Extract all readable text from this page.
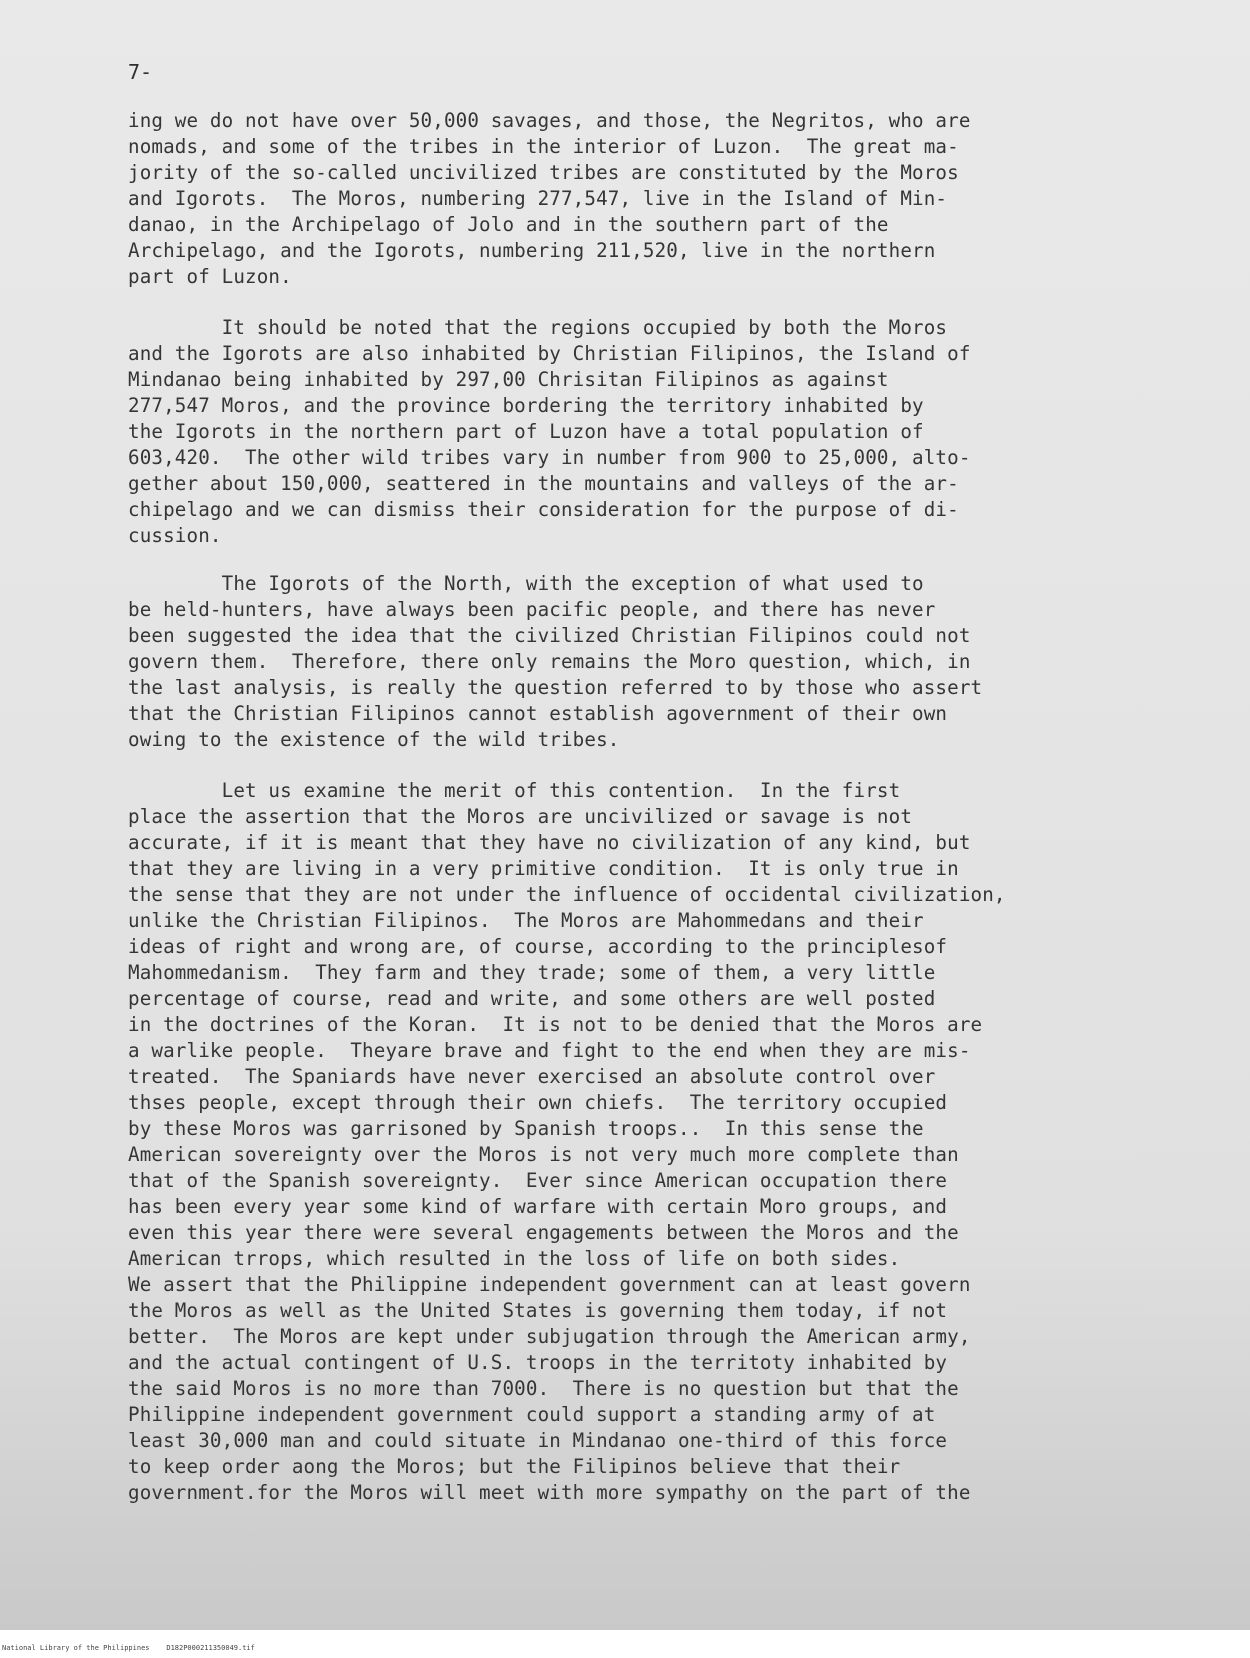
7-
ing we do not have over 50,000 savages, and those, the Negritos, who are
nomads, and some of the tribes in the interior of Luzon.  The great ma-
jority of the so-called uncivilized tribes are constituted by the Moros
and Igorots.  The Moros, numbering 277,547, live in the Island of Min-
danao, in the Archipelago of Jolo and in the southern part of the
Archipelago, and the Igorots, numbering 211,520, live in the northern
part of Luzon.
It should be noted that the regions occupied by both the Moros
and the Igorots are also inhabited by Christian Filipinos, the Island of
Mindanao being inhabited by 297,00 Chrisitan Filipinos as against
277,547 Moros, and the province bordering the territory inhabited by
the Igorots in the northern part of Luzon have a total population of
603,420.  The other wild tribes vary in number from 900 to 25,000, alto-
gether about 150,000, seattered in the mountains and valleys of the ar-
chipelago and we can dismiss their consideration for the purpose of di-
cussion.
The Igorots of the North, with the exception of what used to
be held-hunters, have always been pacific people, and there has never
been suggested the idea that the civilized Christian Filipinos could not
govern them.  Therefore, there only remains the Moro question, which, in
the last analysis, is really the question referred to by those who assert
that the Christian Filipinos cannot establish agovernment of their own
owing to the existence of the wild tribes.
Let us examine the merit of this contention.  In the first
place the assertion that the Moros are uncivilized or savage is not
accurate, if it is meant that they have no civilization of any kind, but
that they are living in a very primitive condition.  It is only true in
the sense that they are not under the influence of occidental civilization,
unlike the Christian Filipinos.  The Moros are Mahommedans and their
ideas of right and wrong are, of course, according to the principlesof
Mahommedanism.  They farm and they trade; some of them, a very little
percentage of course, read and write, and some others are well posted
in the doctrines of the Koran.  It is not to be denied that the Moros are
a warlike people.  Theyare brave and fight to the end when they are mis-
treated.  The Spaniards have never exercised an absolute control over
thses people, except through their own chiefs.  The territory occupied
by these Moros was garrisoned by Spanish troops..  In this sense the
American sovereignty over the Moros is not very much more complete than
that of the Spanish sovereignty.  Ever since American occupation there
has been every year some kind of warfare with certain Moro groups, and
even this year there were several engagements between the Moros and the
American trrops, which resulted in the loss of life on both sides.
We assert that the Philippine independent government can at least govern
the Moros as well as the United States is governing them today, if not
better.  The Moros are kept under subjugation through the American army,
and the actual contingent of U.S. troops in the territoty inhabited by
the said Moros is no more than 7000.  There is no question but that the
Philippine independent government could support a standing army of at
least 30,000 man and could situate in Mindanao one-third of this force
to keep order aong the Moros; but the Filipinos believe that their
government.for the Moros will meet with more sympathy on the part of the
National Library of the Philippines    D182P000211350049.tif
